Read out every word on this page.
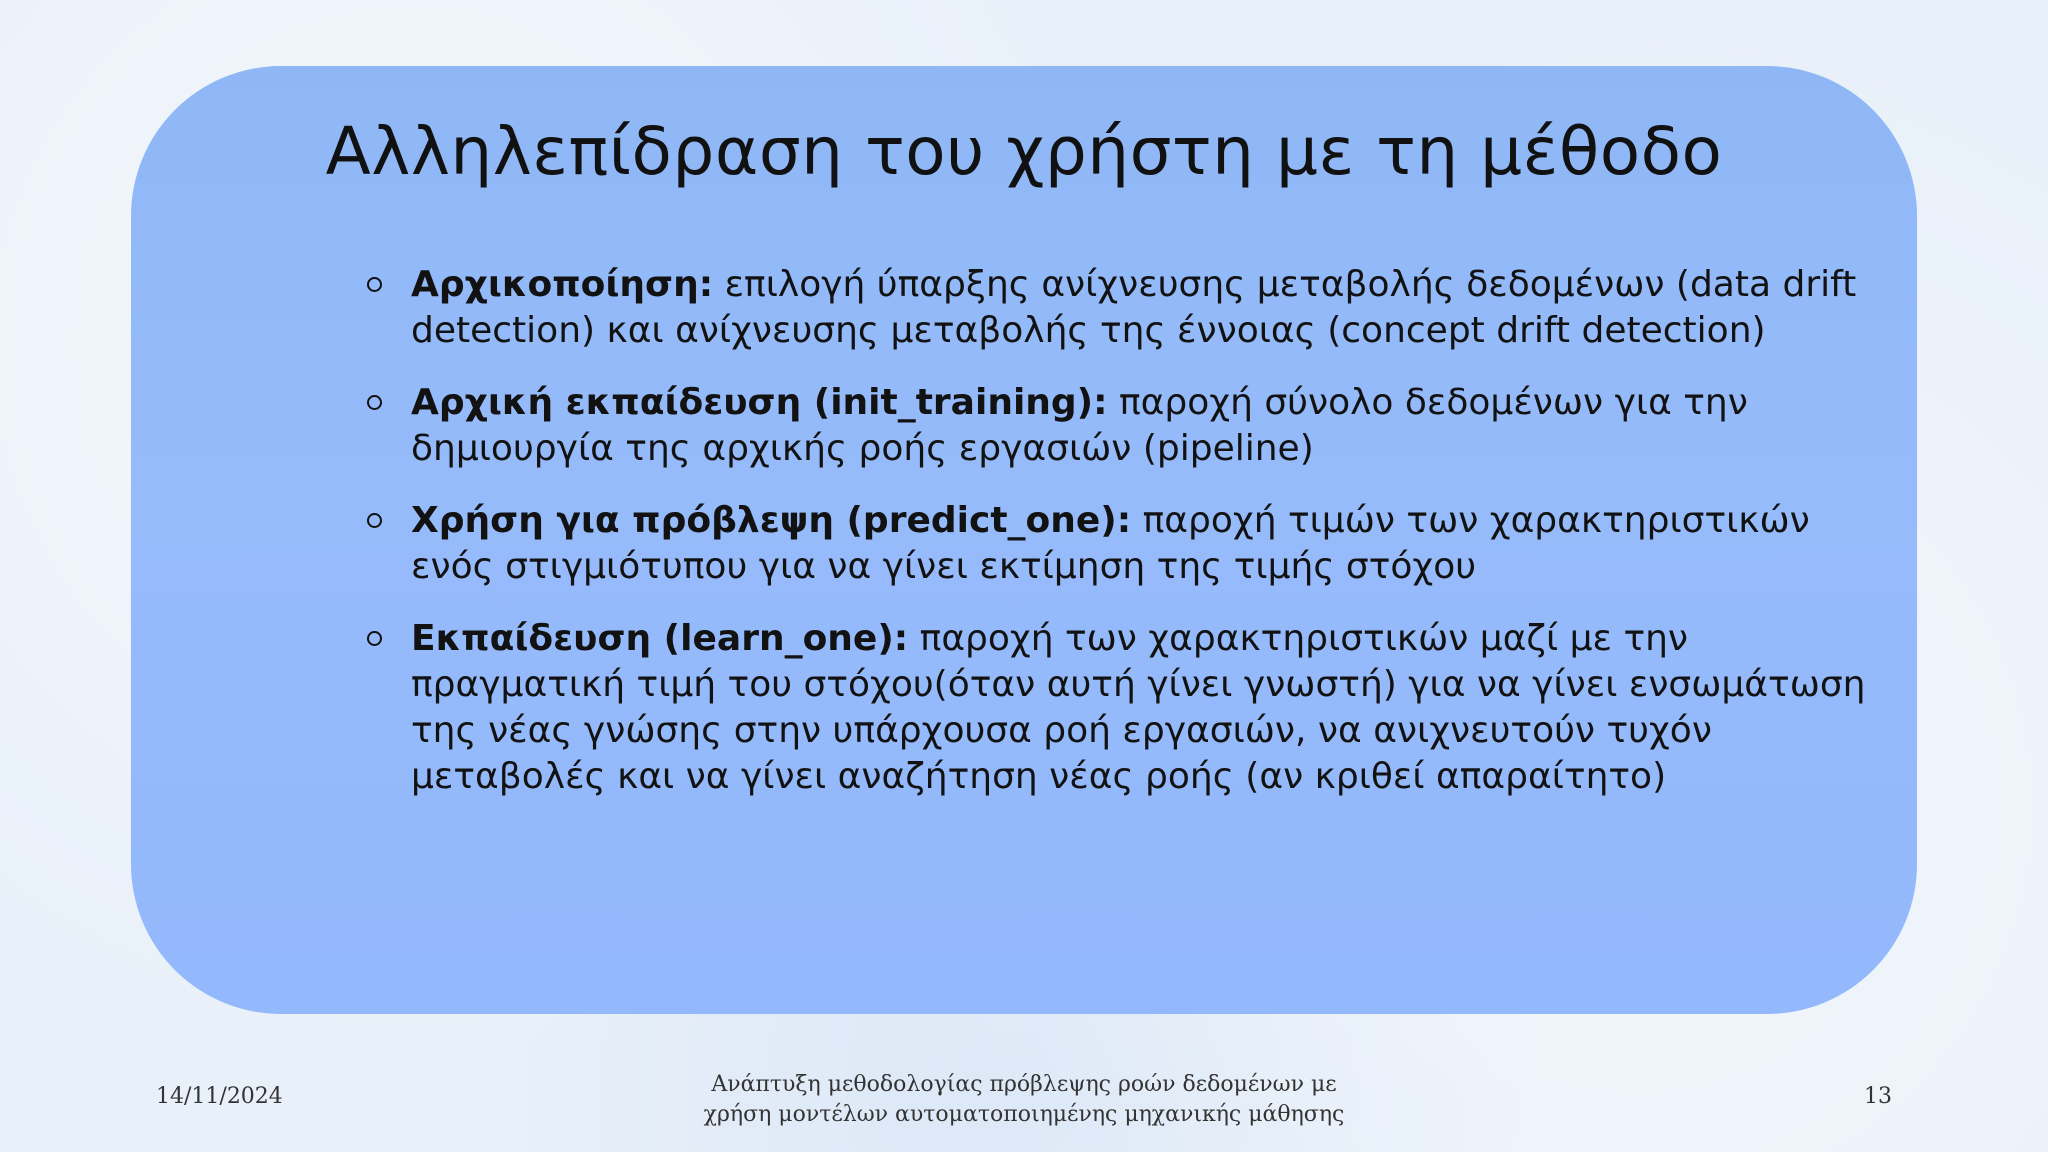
Αλληλεπίδραση του χρήστη με τη μέθοδο
Αρχικοποίηση: επιλογή ύπαρξης ανίχνευσης μεταβολής δεδομένων (data drift detection) και ανίχνευσης μεταβολής της έννοιας (concept drift detection)
Αρχική εκπαίδευση (init_training): παροχή σύνολο δεδομένων για την δημιουργία της αρχικής ροής εργασιών (pipeline)
Χρήση για πρόβλεψη (predict_one): παροχή τιμών των χαρακτηριστικών ενός στιγμιότυπου για να γίνει εκτίμηση της τιμής στόχου
Εκπαίδευση (learn_one): παροχή των χαρακτηριστικών μαζί με την πραγματική τιμή του στόχου(όταν αυτή γίνει γνωστή) για να γίνει ενσωμάτωση της νέας γνώσης στην υπάρχουσα ροή εργασιών, να ανιχνευτούν τυχόν μεταβολές και να γίνει αναζήτηση νέας ροής (αν κριθεί απαραίτητο)
14/11/2024	Ανάπτυξη μεθοδολογίας πρόβλεψης ροών δεδομένων με
χρήση μοντέλων αυτοματοποιημένης μηχανικής μάθησης
13
